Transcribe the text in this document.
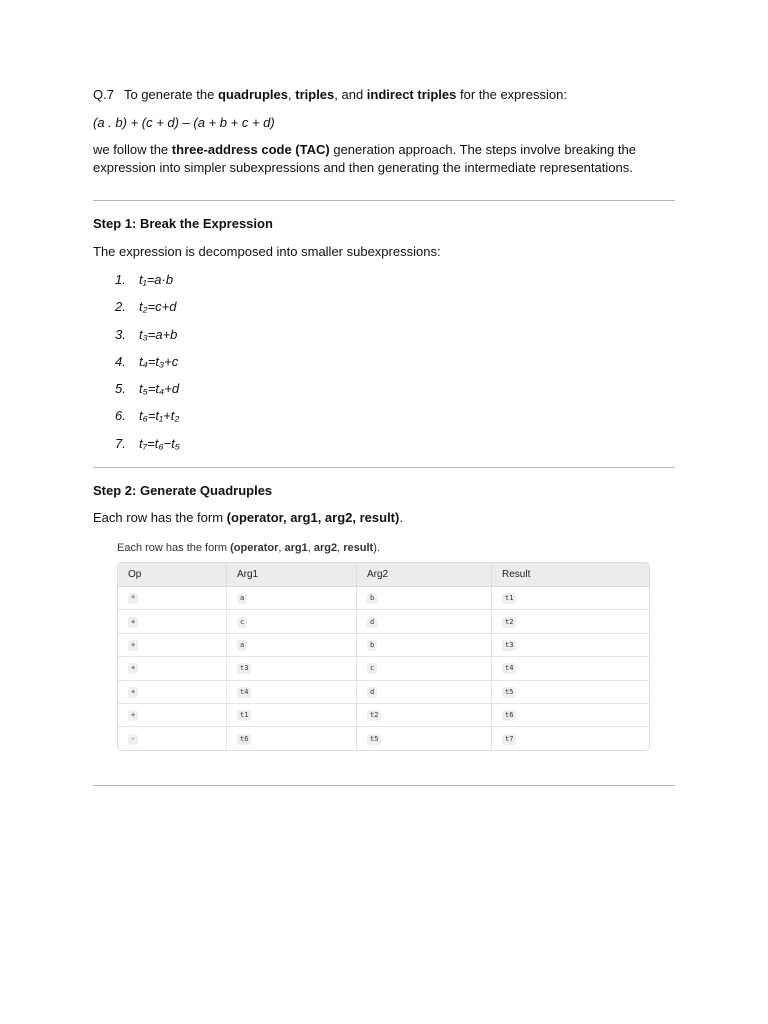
Q.7 To generate the quadruples, triples, and indirect triples for the expression:

(a . b) + (c + d) – (a + b + c + d)

we follow the three-address code (TAC) generation approach. The steps involve breaking the expression into simpler subexpressions and then generating the intermediate representations.

Step 1: Break the Expression

The expression is decomposed into smaller subexpressions:

1. t₁=a·b
2. t₂=c+d
3. t₃=a+b
4. t₄=t₃+c
5. t₅=t₄+d
6. t₆=t₁+t₂
7. t₇=t₆−t₅

Step 2: Generate Quadruples

Each row has the form (operator, arg1, arg2, result).

Each row has the form (operator, arg1, arg2, result).

Op	Arg1	Arg2	Result
*	a	b	t1
+	c	d	t2
+	a	b	t3
+	t3	c	t4
+	t4	d	t5
+	t1	t2	t6
-	t6	t5	t7
